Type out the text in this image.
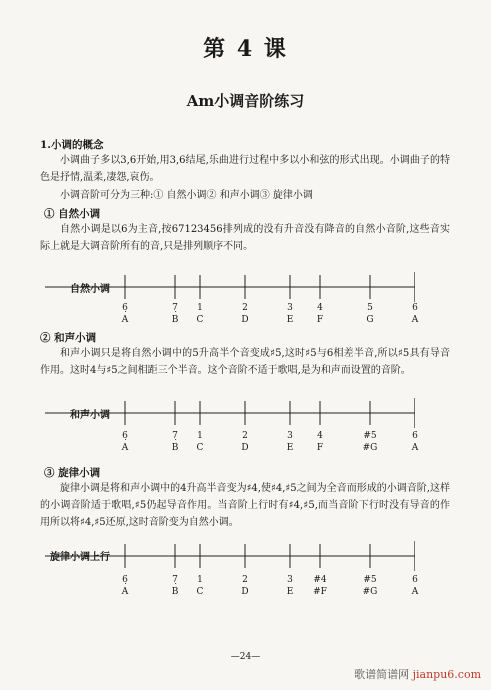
第 4 课
Am小调音阶练习
1.小调的概念
小调曲子多以3,6开始,用3,6结尾,乐曲进行过程中多以小和弦的形式出现。小调曲子的特色是抒情,温柔,凄怨,哀伤。
小调音阶可分为三种:① 自然小调② 和声小调③ 旋律小调
① 自然小调
自然小调是以6为主音,按67123456排列成的没有升音没有降音的自然小音阶,这些音实际上就是大调音阶所有的音,只是排列顺序不同。
自然小调
6̣
A
7̣
B
1
C
2
D
3
E
4
F
5
G
6
A
② 和声小调
和声小调只是将自然小调中的5升高半个音变成♯5,这时♯5与6相差半音,所以♯5具有导音作用。这时4与♯5之间相距三个半音。这个音阶不适于歌唱,是为和声而设置的音阶。
和声小调
6̣
A
7̣
B
1
C
2
D
3
E
4
F
#5
#G
6
A
③ 旋律小调
旋律小调是将和声小调中的4升高半音变为♯4,使♯4,♯5之间为全音而形成的小调音阶,这样的小调音阶适于歌唱,♯5仍起导音作用。当音阶上行时有♯4,♯5,而当音阶下行时没有导音的作用所以将♯4,♯5还原,这时音阶变为自然小调。
旋律小调上行
6̣
A
7̣
B
1
C
2
D
3
E
#4
#F
#5
#G
6
A
—24—
歌谱简谱网 jianpu6.com
